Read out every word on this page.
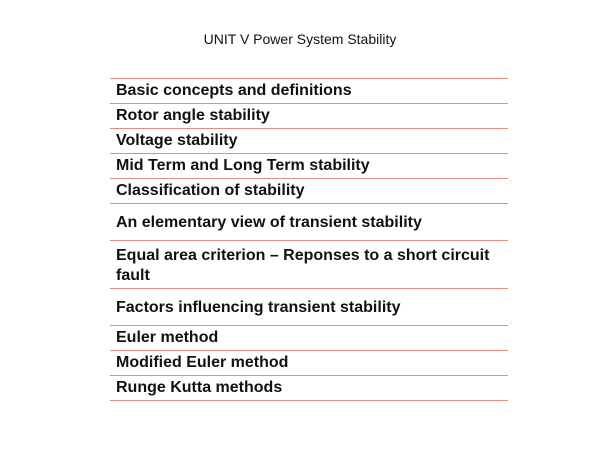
UNIT V Power System Stability
Basic concepts and definitions
Rotor angle stability
Voltage stability
Mid Term and Long Term stability
Classification of stability
An elementary view of transient stability
Equal area criterion – Reponses to a short circuit fault
Factors influencing transient stability
Euler method
Modified Euler method
Runge Kutta methods
